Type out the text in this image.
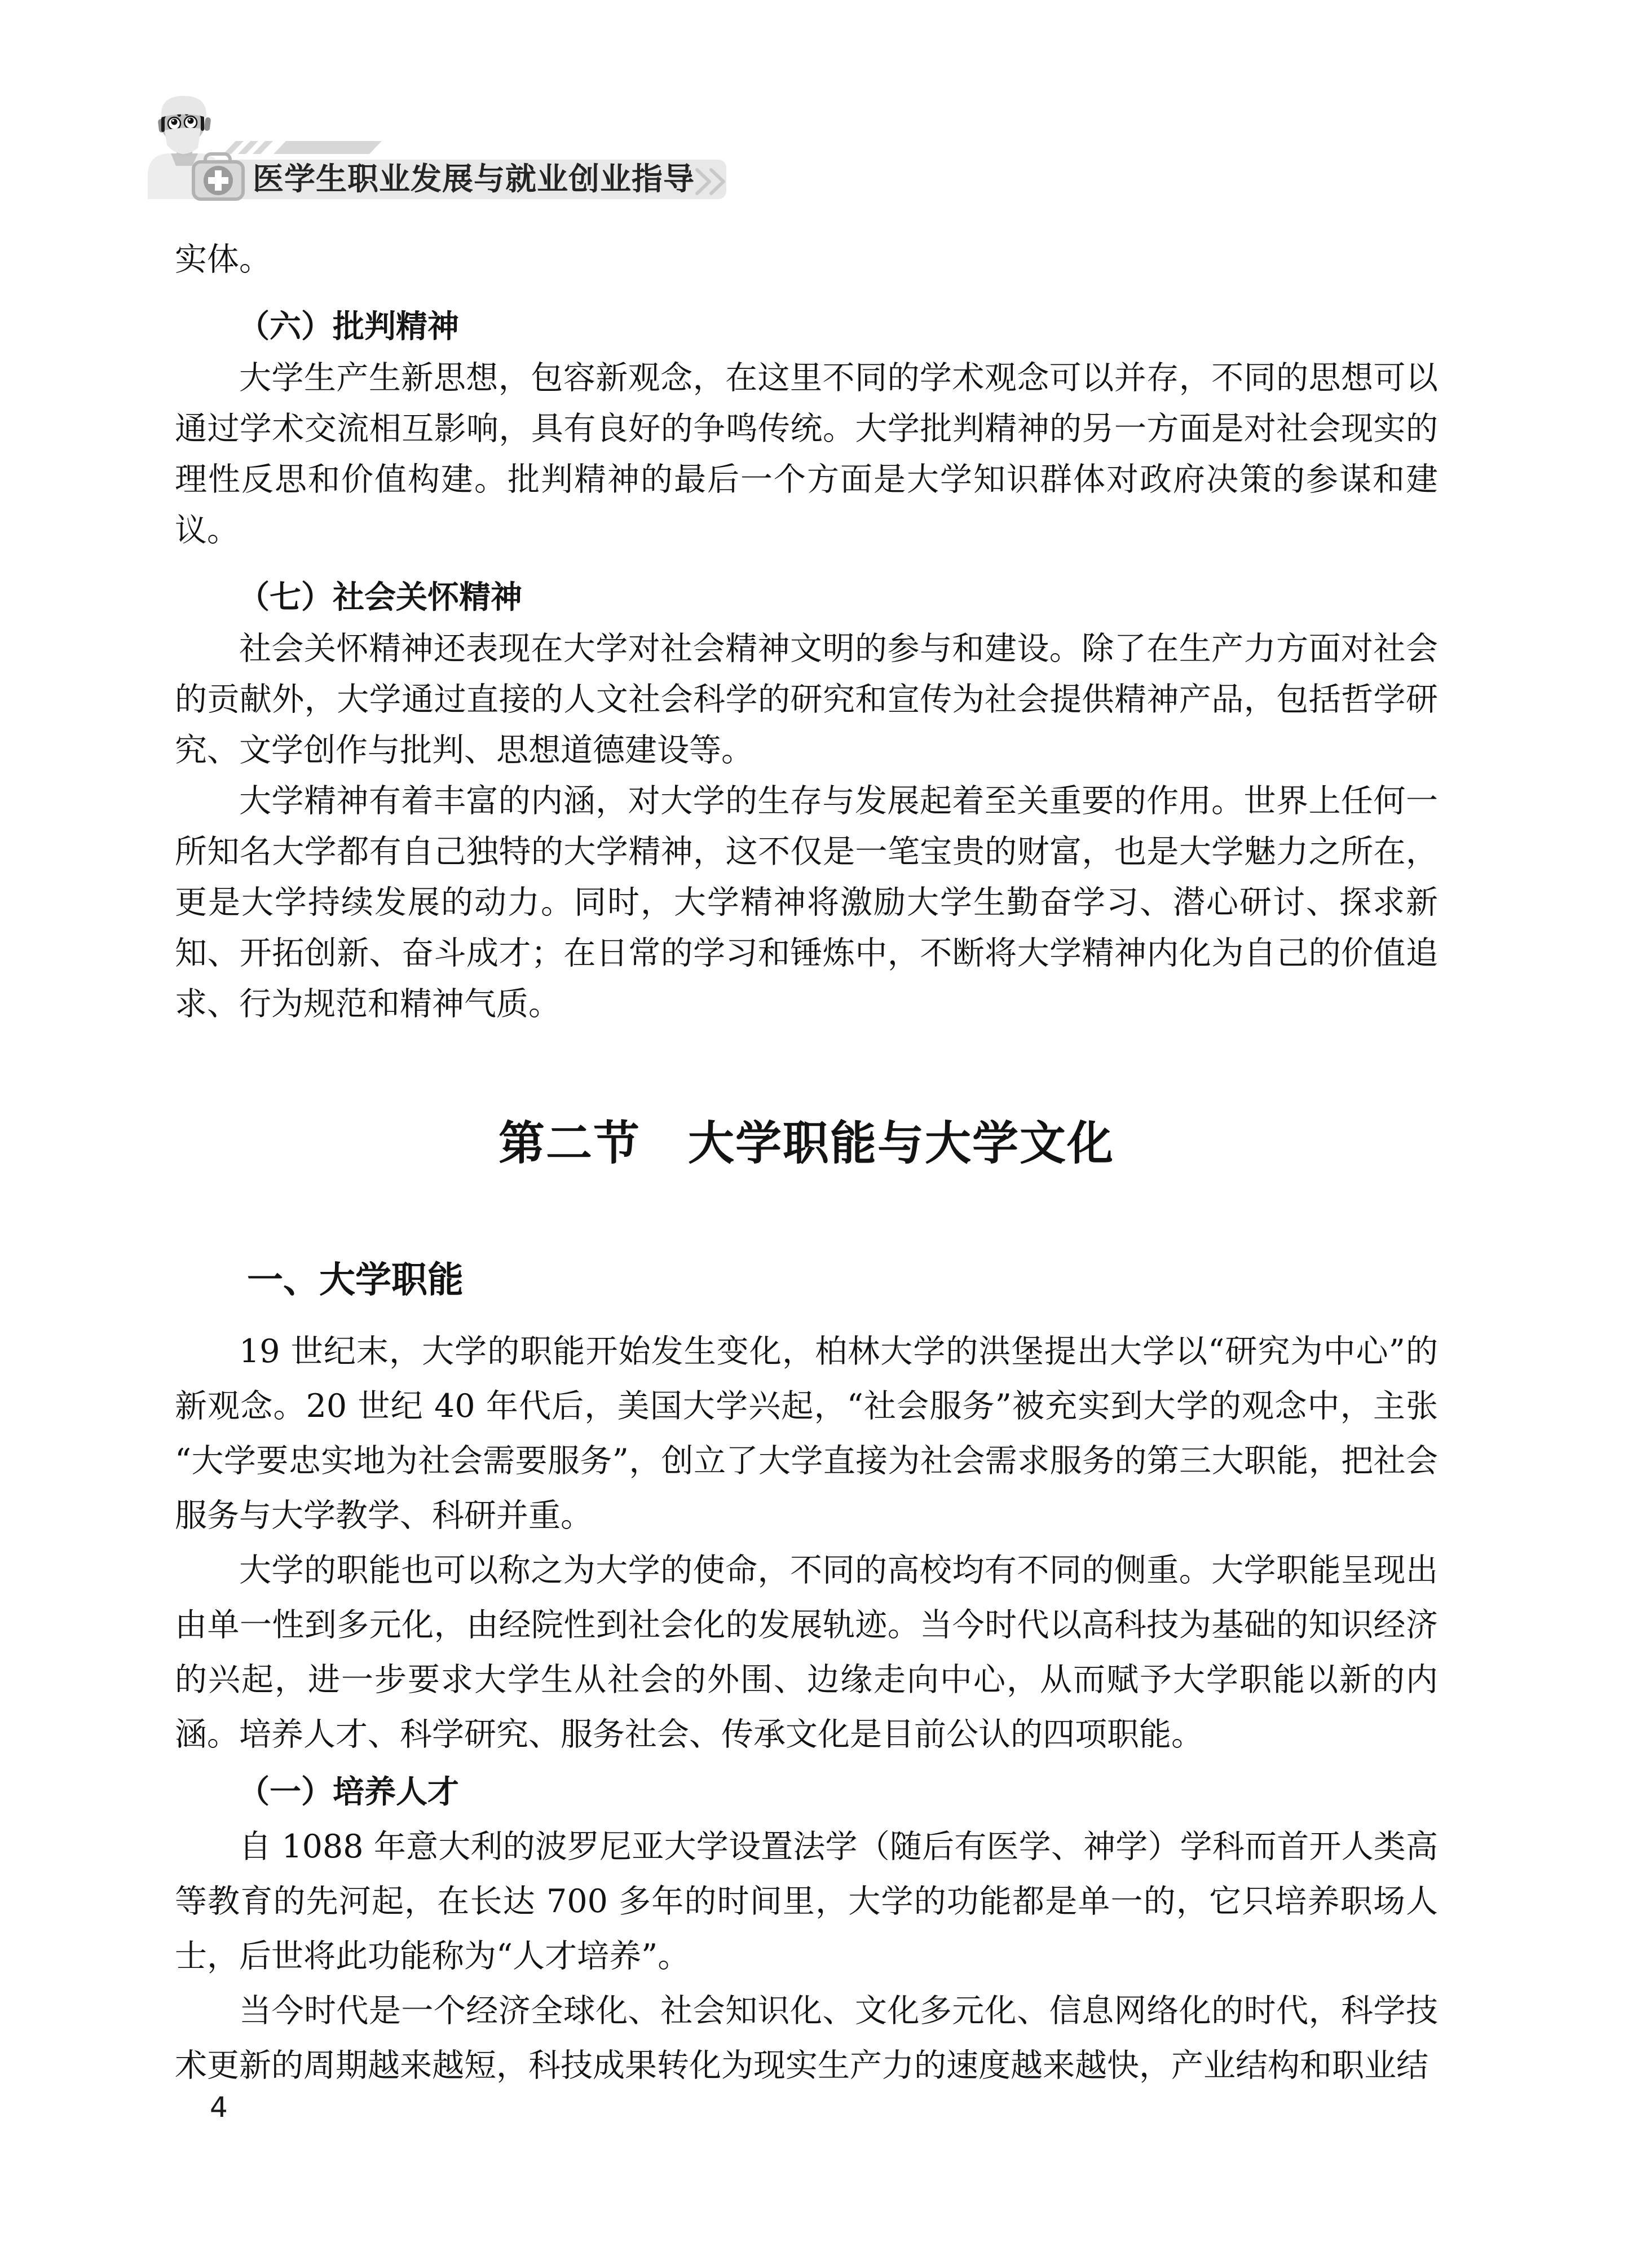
医学生职业发展与就业创业指导

实体。

（六）批判精神

大学生产生新思想，包容新观念，在这里不同的学术观念可以并存，不同的思想可以通过学术交流相互影响，具有良好的争鸣传统。大学批判精神的另一方面是对社会现实的理性反思和价值构建。批判精神的最后一个方面是大学知识群体对政府决策的参谋和建议。

（七）社会关怀精神

社会关怀精神还表现在大学对社会精神文明的参与和建设。除了在生产力方面对社会的贡献外，大学通过直接的人文社会科学的研究和宣传为社会提供精神产品，包括哲学研究、文学创作与批判、思想道德建设等。

大学精神有着丰富的内涵，对大学的生存与发展起着至关重要的作用。世界上任何一所知名大学都有自己独特的大学精神，这不仅是一笔宝贵的财富，也是大学魅力之所在，更是大学持续发展的动力。同时，大学精神将激励大学生勤奋学习、潜心研讨、探求新知、开拓创新、奋斗成才；在日常的学习和锤炼中，不断将大学精神内化为自己的价值追求、行为规范和精神气质。

第二节　大学职能与大学文化
一、大学职能

19 世纪末，大学的职能开始发生变化，柏林大学的洪堡提出大学以“研究为中心”的新观念。20 世纪 40 年代后，美国大学兴起，“社会服务”被充实到大学的观念中，主张“大学要忠实地为社会需要服务”，创立了大学直接为社会需求服务的第三大职能，把社会服务与大学教学、科研并重。

大学的职能也可以称之为大学的使命，不同的高校均有不同的侧重。大学职能呈现出由单一性到多元化，由经院性到社会化的发展轨迹。当今时代以高科技为基础的知识经济的兴起，进一步要求大学生从社会的外围、边缘走向中心，从而赋予大学职能以新的内涵。培养人才、科学研究、服务社会、传承文化是目前公认的四项职能。

（一）培养人才

自 1088 年意大利的波罗尼亚大学设置法学（随后有医学、神学）学科而首开人类高等教育的先河起，在长达 700 多年的时间里，大学的功能都是单一的，它只培养职场人士，后世将此功能称为“人才培养”。

当今时代是一个经济全球化、社会知识化、文化多元化、信息网络化的时代，科学技术更新的周期越来越短，科技成果转化为现实生产力的速度越来越快，产业结构和职业结

4
